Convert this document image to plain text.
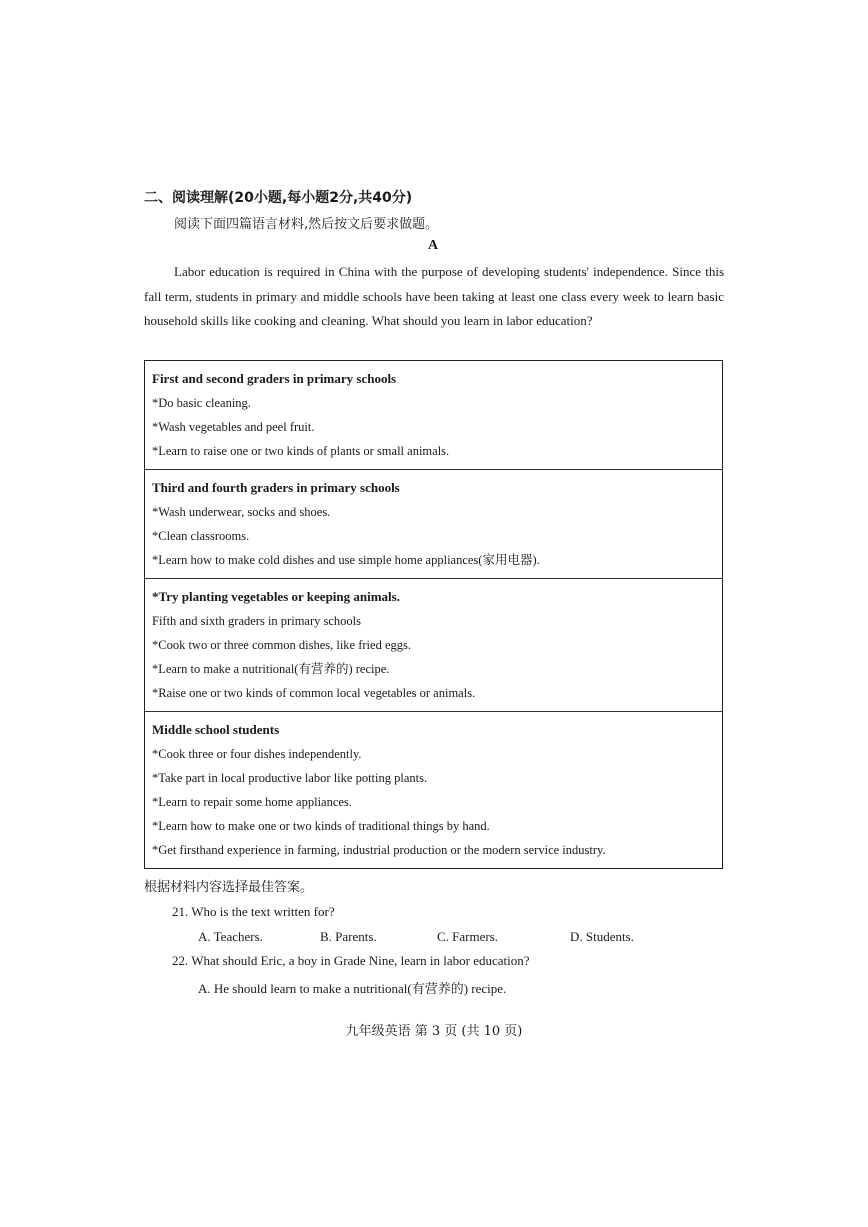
二、阅读理解(20小题,每小题2分,共40分)
阅读下面四篇语言材料,然后按文后要求做题。
A

Labor education is required in China with the purpose of developing students' independence. Since this fall term, students in primary and middle schools have been taking at least one class every week to learn basic household skills like cooking and cleaning. What should you learn in labor education?

First and second graders in primary schools

*Do basic cleaning.

*Wash vegetables and peel fruit.

*Learn to raise one or two kinds of plants or small animals.

Third and fourth graders in primary schools

*Wash underwear, socks and shoes.

*Clean classrooms.

*Learn how to make cold dishes and use simple home appliances(家用电器).

*Try planting vegetables or keeping animals.

Fifth and sixth graders in primary schools

*Cook two or three common dishes, like fried eggs.

*Learn to make a nutritional(有营养的) recipe.

*Raise one or two kinds of common local vegetables or animals.

Middle school students

*Cook three or four dishes independently.

*Take part in local productive labor like potting plants.

*Learn to repair some home appliances.

*Learn how to make one or two kinds of traditional things by hand.

*Get firsthand experience in farming, industrial production or the modern service industry.

根据材料内容选择最佳答案。
21. Who is the text written for?
A. Teachers.	B. Parents.	C. Farmers.	D. Students.
22. What should Eric, a boy in Grade Nine, learn in labor education?
A. He should learn to make a nutritional(有营养的) recipe.
九年级英语 第 3 页 (共 10 页)
